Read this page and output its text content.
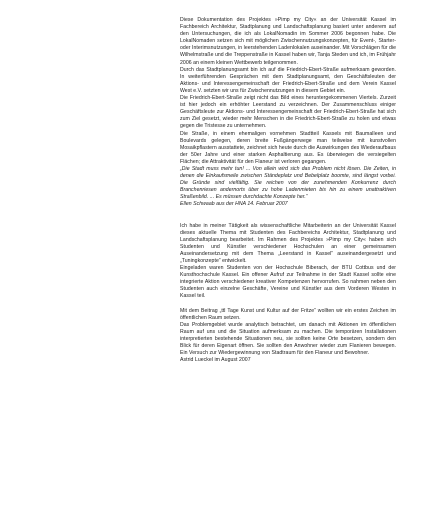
Diese Dokumentation des Projektes »Pimp my City« an der Universität Kassel im Fachbereich Architektur, Stadtplanung und Landschaftsplanung basiert unter anderem auf den Untersuchungen, die ich als LokalNomadin im Sommer 2006 begonnen habe. Die LokalNomaden setzen sich mit möglichen Zwischennutzungskonzepten, für Event-, Starter- oder Interimsnutzungen, in leerstehenden Ladenlokalen auseinander. Mit Vorschlägen für die Wilhelmstraße und die Treppenstraße in Kassel haben wir, Tanja Steden und ich, im Frühjahr 2006 an einem kleinen Wettbewerb teilgenommen.

Durch das Stadtplanungsamt bin ich auf die Friedrich-Ebert-Straße aufmerksam geworden. In weiterführenden Gesprächen mit dem Stadtplanungsamt, den Geschäftsleuten der Aktions- und Interessengemeinschaft der Friedrich-Ebert-Straße und dem Verein Kassel West e.V. setzten wir uns für Zwischennutzungen in diesem Gebiet ein.

Die Friedrich-Ebert-Straße zeigt nicht das Bild eines heruntergekommenen Viertels. Zurzeit ist hier jedoch ein erhöhter Leerstand zu verzeichnen. Der Zusammenschluss einiger Geschäftsleute zur Aktions- und Interessengemeinschaft der Friedrich-Ebert-Straße hat sich zum Ziel gesetzt, wieder mehr Menschen in die Friedrich-Ebert-Straße zu holen und etwas gegen die Tristesse zu unternehmen.

Die Straße, in einem ehemaligen vornehmen Stadtteil Kassels mit Baumalleen und Boulevards gelegen, deren breite Fußgängerwege man teilweise mit kunstvollen Mosaikpflastern ausstattete, zeichnet sich heute durch die Auswirkungen des Wiederaufbaus der 50er Jahre und einer starken Asphaltierung aus. Es überwiegen die versiegelten Flächen; die Attraktivität für den Flaneur ist verloren gegangen.

„Die Stadt muss mehr tun! ... Von allein wird sich das Problem nicht lösen. Die Zeiten, in denen die Einkaufsmeile zwischen Ständeplatz und Bebelplatz boomte, sind längst vorbei. Die Gründe sind vielfältig. Sie reichen von der zunehmenden Konkurrenz durch Branchenriesen andernorts über zu hohe Ladenmieten bis hin zu einem unattraktiven Straßenbild. ... Es müssen durchdachte Konzepte her.“

Ellen Schwaab aus der HNA 14. Februar 2007

Ich habe in meiner Tätigkeit als wissenschaftliche Mitarbeiterin an der Universität Kassel dieses aktuelle Thema mit Studenten des Fachbereichs Architektur, Stadtplanung und Landschaftsplanung bearbeitet. Im Rahmen des Projektes »Pimp my City« haben sich Studenten und Künstler verschiedener Hochschulen an einer gemeinsamen Auseinandersetzung mit dem Thema „Leerstand in Kassel“ auseinandergesetzt und „Tuningkonzepte“ entwickelt.

Eingeladen waren Studenten von der Hochschule Biberach, der BTU Cottbus und der Kunsthochschule Kassel. Ein offener Aufruf zur Teilnahme in der Stadt Kassel sollte eine integrierte Aktion verschiedener kreativer Kompetenzen hervorrufen. So nahmen neben den Studenten auch einzelne Geschäfte, Vereine und Künstler aus dem Vorderen Westen in Kassel teil.

Mit dem Beitrag „ttl Tage Kunst und Kultur auf der Fritze“ wollten wir ein erstes Zeichen im öffentlichen Raum setzen.

Das Problemgebiet wurde analytisch betrachtet, um danach mit Aktionen im öffentlichen Raum auf uns und die Situation aufmerksam zu machen. Die temporären Installationen interpretierten bestehende Situationen neu, sie sollten keine Orte besetzen, sondern den Blick für deren Eigenart öffnen. Sie sollten den Anwohner wieder zum Flanieren bewegen. Ein Versuch zur Wiedergewinnung von Stadtraum für den Flaneur und Bewohner.

Astrid Lueckel im August 2007
